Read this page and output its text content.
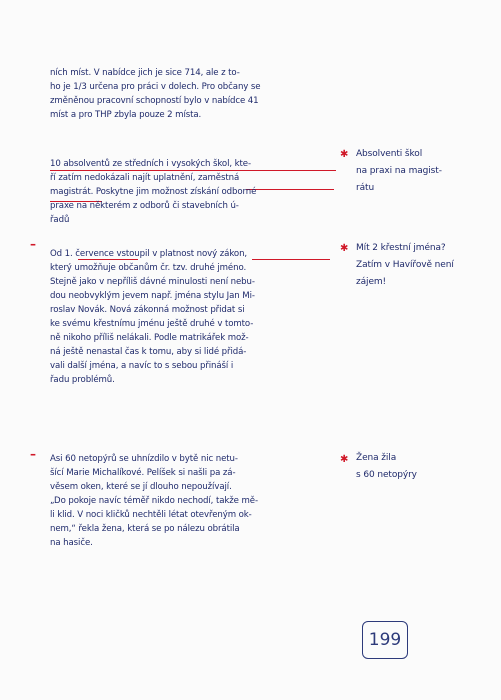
ních míst. V nabídce jich je sice 714, ale z to-
ho je 1/3 určena pro práci v dolech. Pro občany se
změněnou pracovní schopností bylo v nabídce 41
míst a pro THP zbyla pouze 2 místa.
10 absolventů ze středních i vysokých škol, kte-
ří zatím nedokázali najít uplatnění, zaměstná
magistrát. Poskytne jim možnost získání odborné
praxe na některém z odborů či stavebních ú-
řadů
–
Od 1. července vstoupil v platnost nový zákon,
který umožňuje občanům čr. tzv. druhé jméno.
Stejně jako v nepříliš dávné minulosti není nebu-
dou neobvyklým jevem např. jména stylu Jan Mi-
roslav Novák. Nová zákonná možnost přidat si
ke svému křestnímu jménu ještě druhé v tomto-
ně nikoho příliš nelákali. Podle matrikářek mož-
ná ještě nenastal čas k tomu, aby si lidé přidá-
vali další jména, a navíc to s sebou přináší i
řadu problémů.
– Asi 60 netopýrů se uhnízdilo v bytě nic netu-
šící Marie Michalíkové. Pelíšek si našli pa zá-
věsem oken, které se jí dlouho nepoužívají.
„Do pokoje navíc téměř nikdo nechodí, takže mě-
li klid. V noci kličků nechtěli létat otevřeným ok-
nem,“ řekla žena, která se po nálezu obrátila
na hasiče.
✱ Absolventi škol
na praxi na magist-
rátu
✱ Mít 2 křestní jména?
Zatím v Havířově není
zájem!
✱ Žena žila
s 60 netopýry
199
